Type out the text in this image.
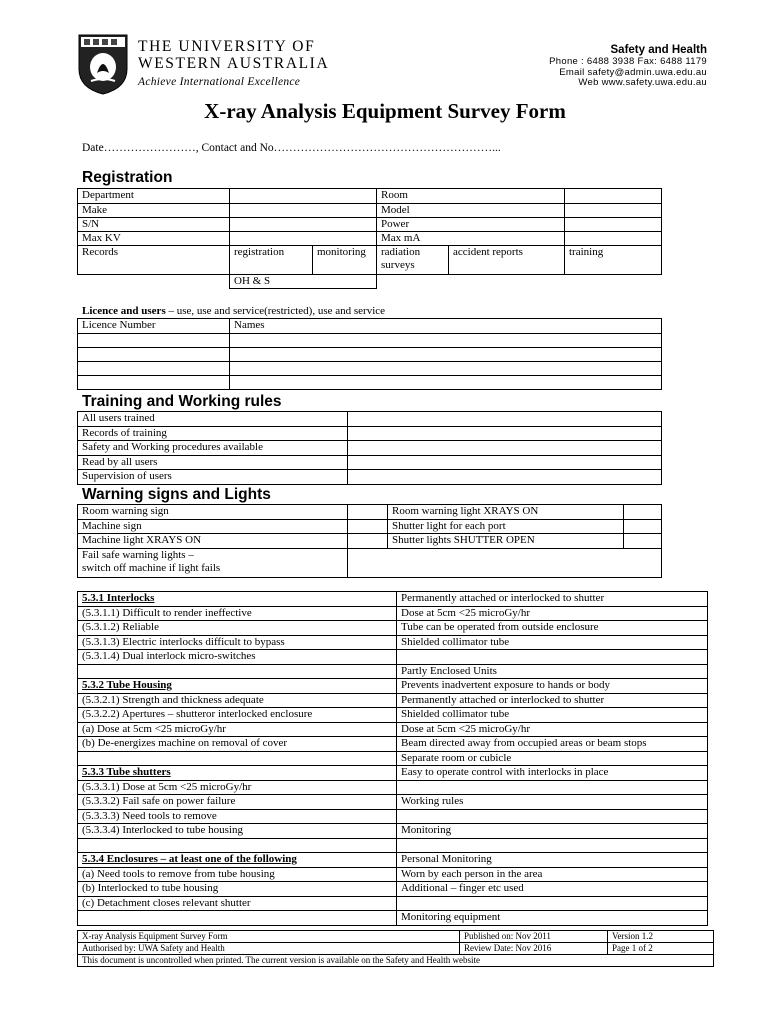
THE UNIVERSITY OF
WESTERN AUSTRALIA
Achieve International Excellence
Safety and Health
Phone : 6488 3938 Fax: 6488 1179
Email safety@admin.uwa.edu.au
Web www.safety.uwa.edu.au
X-ray Analysis Equipment Survey Form
Date……………………, Contact and No…………………………………………………...
Registration
Department			Room		
Make			Model		
S/N			Power		
Max KV			Max mA		
Records	registration	monitoring	radiation surveys	accident reports	training
	OH & S				
Licence and users – use, use and service(restricted), use and service
Licence Number	Names

Training and Working rules
All users trained	
Records of training	
Safety and Working procedures available	
Read by all users	
Supervision of users	
Warning signs and Lights
Room warning sign		Room warning light XRAYS ON	
Machine sign		Shutter light for each port	
Machine light XRAYS ON		Shutter lights SHUTTER OPEN	

Fail safe warning lights –
switch off machine if light fails			

5.3.1 Interlocks	Permanently attached or interlocked to shutter
(5.3.1.1) Difficult to render ineffective	Dose at 5cm <25 microGy/hr
(5.3.1.2) Reliable	Tube can be operated from outside enclosure
(5.3.1.3) Electric interlocks difficult to bypass	Shielded collimator tube
(5.3.1.4) Dual interlock micro-switches	
	Partly Enclosed Units
5.3.2 Tube Housing	Prevents inadvertent exposure to hands or body
(5.3.2.1) Strength and thickness adequate	Permanently attached or interlocked to shutter
(5.3.2.2) Apertures – shutteror interlocked enclosure	Shielded collimator tube
(a) Dose at 5cm <25 microGy/hr	Dose at 5cm <25 microGy/hr
(b) De-energizes machine on removal of cover	Beam directed away from occupied areas or beam stops
	Separate room or cubicle
5.3.3 Tube shutters	Easy to operate control with interlocks in place
(5.3.3.1) Dose at 5cm <25 microGy/hr	
(5.3.3.2) Fail safe on power failure	Working rules
(5.3.3.3) Need tools to remove	
(5.3.3.4) Interlocked to tube housing	Monitoring

5.3.4 Enclosures – at least one of the following	Personal Monitoring
(a) Need tools to remove from tube housing	Worn by each person in the area
(b) Interlocked to tube housing	Additional – finger etc used
(c) Detachment closes relevant shutter	
	Monitoring equipment
X-ray Analysis Equipment Survey Form	Published on: Nov 2011	Version 1.2
Authorised by: UWA Safety and Health	Review Date: Nov 2016	Page 1 of 2
This document is uncontrolled when printed. The current version is available on the Safety and Health website		
